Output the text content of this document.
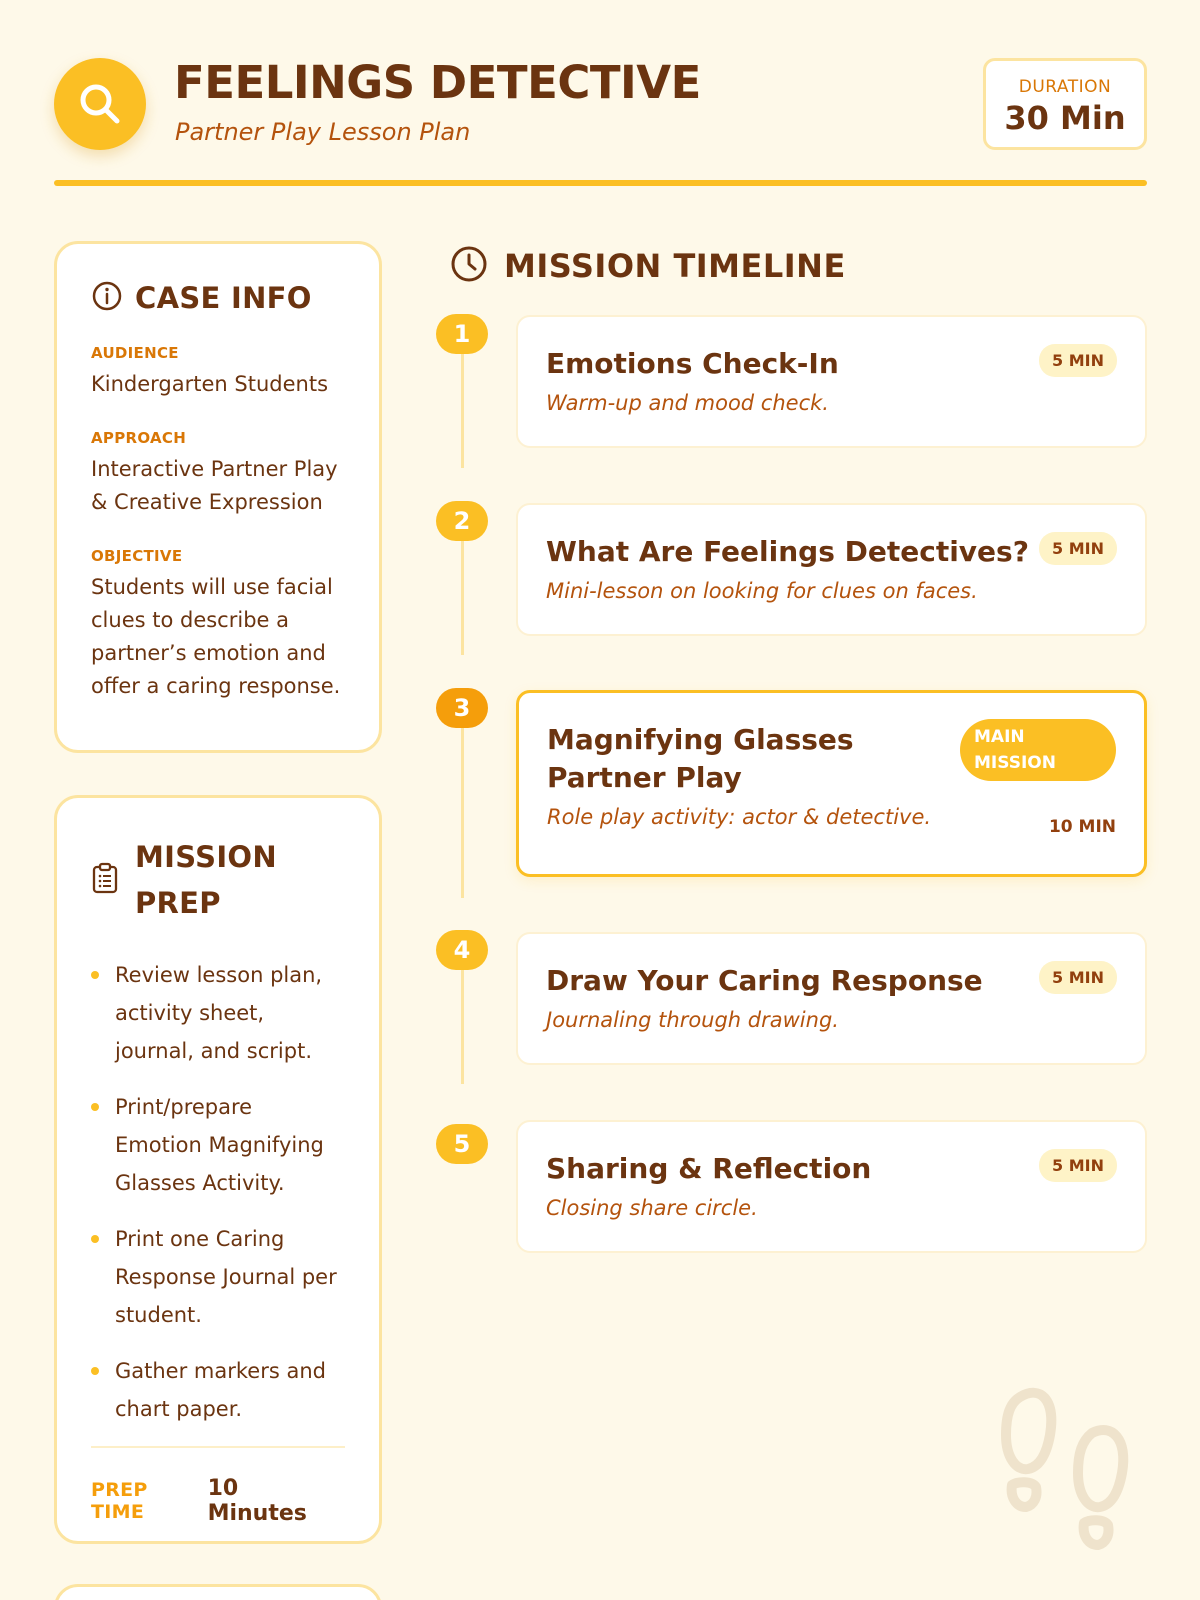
FEELINGS DETECTIVE
Partner Play Lesson Plan
DURATION
30 Min
CASE INFO
AUDIENCE
Kindergarten Students
APPROACH
Interactive Partner Play & Creative Expression
OBJECTIVE
Students will use facial clues to describe a partner’s emotion and offer a caring response.
MISSION
PREP
Review lesson plan, activity sheet, journal, and script.
Print/prepare Emotion Magnifying Glasses Activity.
Print one Caring Response Journal per student.
Gather markers and chart paper.
PREP TIME
10 Minutes
MISSION TIMELINE
1
2
3
4
5
Emotions Check-In
Warm-up and mood check.
5 MIN
What Are Feelings Detectives?
Mini-lesson on looking for clues on faces.
5 MIN
Magnifying Glasses Partner Play
Role play activity: actor & detective.
MAIN MISSION
10 MIN
Draw Your Caring Response
Journaling through drawing.
5 MIN
Sharing & Reflection
Closing share circle.
5 MIN
